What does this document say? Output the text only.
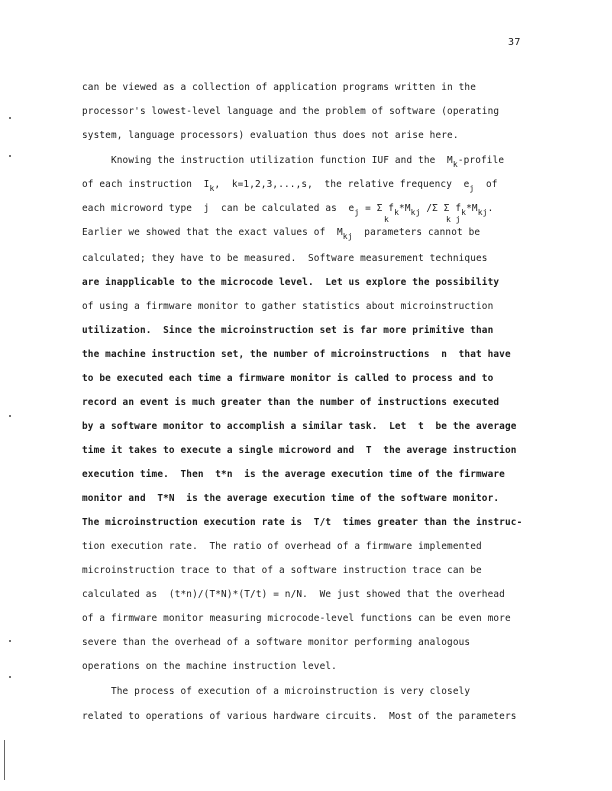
37
can be viewed as a collection of application programs written in the
processor's lowest-level language and the problem of software (operating
system, language processors) evaluation thus does not arise here.
Knowing the instruction utilization function IUF and the  Mk-profile
of each instruction  Ik,  k=1,2,3,...,s,  the relative frequency  ej  of
each microword type  j  can be calculated as  ej = Σ fk*Mkj /Σ Σ fk*Mkj.
k	k j
Earlier we showed that the exact values of  Mkj  parameters cannot be
calculated; they have to be measured.  Software measurement techniques
are inapplicable to the microcode level.  Let us explore the possibility
of using a firmware monitor to gather statistics about microinstruction
utilization.  Since the microinstruction set is far more primitive than
the machine instruction set, the number of microinstructions  n  that have
to be executed each time a firmware monitor is called to process and to
record an event is much greater than the number of instructions executed
by a software monitor to accomplish a similar task.  Let  t  be the average
time it takes to execute a single microword and  T  the average instruction
execution time.  Then  t*n  is the average execution time of the firmware
monitor and  T*N  is the average execution time of the software monitor.
The microinstruction execution rate is  T/t  times greater than the instruc-
tion execution rate.  The ratio of overhead of a firmware implemented
microinstruction trace to that of a software instruction trace can be
calculated as  (t*n)/(T*N)*(T/t) = n/N.  We just showed that the overhead
of a firmware monitor measuring microcode-level functions can be even more
severe than the overhead of a software monitor performing analogous
operations on the machine instruction level.
The process of execution of a microinstruction is very closely
related to operations of various hardware circuits.  Most of the parameters
